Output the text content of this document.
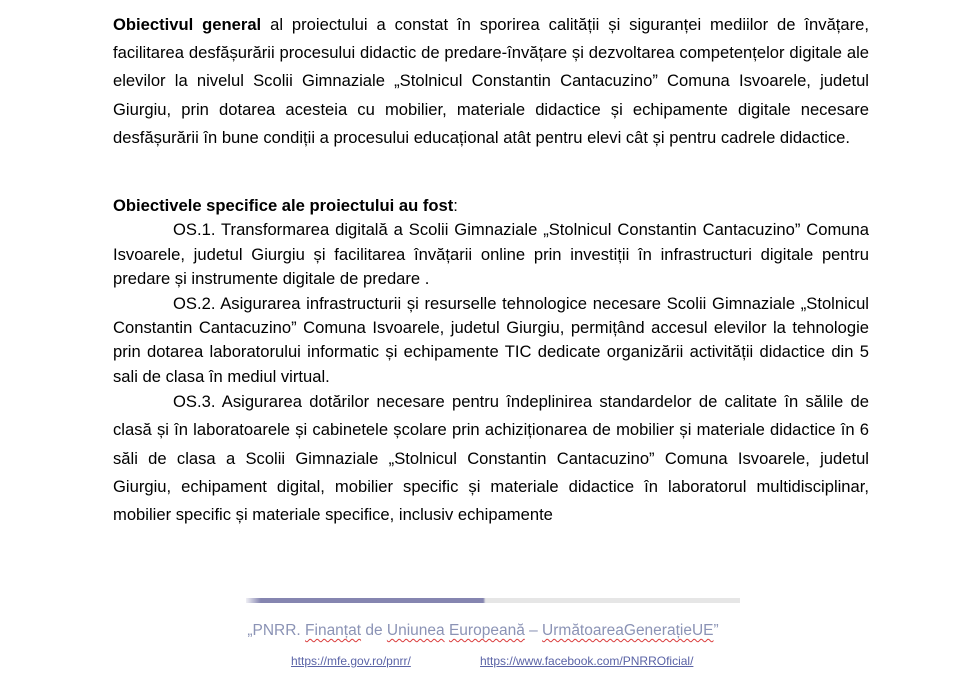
Obiectivul general al proiectului a constat în sporirea calității și siguranței mediilor de învățare, facilitarea desfășurării procesului didactic de predare-învățare și dezvoltarea competențelor digitale ale elevilor la nivelul Scolii Gimnaziale „Stolnicul Constantin Cantacuzino” Comuna Isvoarele, judetul Giurgiu, prin dotarea acesteia cu mobilier, materiale didactice și echipamente digitale necesare desfășurării în bune condiții a procesului educațional atât pentru elevi cât și pentru cadrele didactice.

Obiectivele specifice ale proiectului au fost:

OS.1. Transformarea digitală a Scolii Gimnaziale „Stolnicul Constantin Cantacuzino” Comuna Isvoarele, judetul Giurgiu și facilitarea învățarii online prin investiții în infrastructuri digitale pentru predare și instrumente digitale de predare .

OS.2. Asigurarea infrastructurii și resurselle tehnologice necesare Scolii Gimnaziale „Stolnicul Constantin Cantacuzino” Comuna Isvoarele, judetul Giurgiu, permițând accesul elevilor la tehnologie prin dotarea laboratorului informatic și echipamente TIC dedicate organizării activității didactice din 5 sali de clasa în mediul virtual.

OS.3. Asigurarea dotărilor necesare pentru îndeplinirea standardelor de calitate în sălile de clasă și în laboratoarele și cabinetele școlare prin achiziționarea de mobilier și materiale didactice în 6 săli de clasa a Scolii Gimnaziale „Stolnicul Constantin Cantacuzino” Comuna Isvoarele, judetul Giurgiu, echipament digital, mobilier specific și materiale didactice în laboratorul multidisciplinar, mobilier specific și materiale specifice, inclusiv echipamente

„PNRR. Finanțat de Uniunea Europeană – UrmătoareaGenerațieUE”
https://mfe.gov.ro/pnrr/	https://www.facebook.com/PNRROficial/
